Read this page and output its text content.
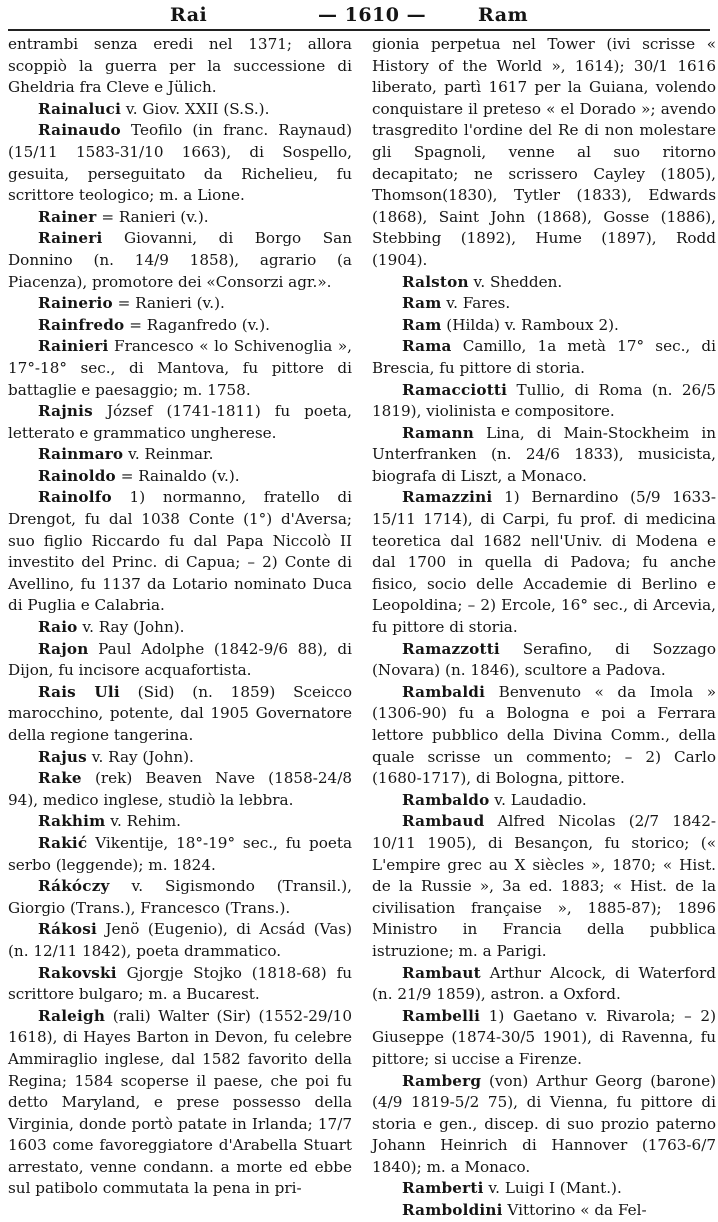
Rai	— 1610 —	Ram

entrambi senza eredi nel 1371; allora scoppiò la guerra per la successione di Gheldria fra Cleve e Jülich.

Rainaluci v. Giov. XXII (S.S.).

Rainaudo Teofilo (in franc. Raynaud) (15/11 1583-31/10 1663), di Sospello, gesuita, perseguitato da Richelieu, fu scrittore teologico; m. a Lione.

Rainer = Ranieri (v.).

Raineri Giovanni, di Borgo San Donnino (n. 14/9 1858), agrario (a Piacenza), promotore dei «Consorzi agr.».

Rainerio = Ranieri (v.).

Rainfredo = Raganfredo (v.).

Rainieri Francesco « lo Schivenoglia », 17°-18° sec., di Mantova, fu pittore di battaglie e paesaggio; m. 1758.

Rajnis József (1741-1811) fu poeta, letterato e grammatico ungherese.

Rainmaro v. Reinmar.

Rainoldo = Rainaldo (v.).

Rainolfo 1) normanno, fratello di Drengot, fu dal 1038 Conte (1°) d'Aversa; suo figlio Riccardo fu dal Papa Niccolò II investito del Princ. di Capua; – 2) Conte di Avellino, fu 1137 da Lotario nominato Duca di Puglia e Calabria.

Raio v. Ray (John).

Rajon Paul Adolphe (1842-9/6 88), di Dijon, fu incisore acquafortista.

Rais Uli (Sid) (n. 1859) Sceicco marocchino, potente, dal 1905 Governatore della regione tangerina.

Rajus v. Ray (John).

Rake (rek) Beaven Nave (1858-24/8 94), medico inglese, studiò la lebbra.

Rakhim v. Rehim.

Rakić Vikentije, 18°-19° sec., fu poeta serbo (leggende); m. 1824.

Rákóczy v. Sigismondo (Transil.), Giorgio (Trans.), Francesco (Trans.).

Rákosi Jenö (Eugenio), di Acsád (Vas) (n. 12/11 1842), poeta drammatico.

Rakovski Gjorgje Stojko (1818-68) fu scrittore bulgaro; m. a Bucarest.

Raleigh (rali) Walter (Sir) (1552-29/10 1618), di Hayes Barton in Devon, fu celebre Ammiraglio inglese, dal 1582 favorito della Regina; 1584 scoperse il paese, che poi fu detto Maryland, e prese possesso della Virginia, donde portò patate in Irlanda; 17/7 1603 come favoreggiatore d'Arabella Stuart arrestato, venne condann. a morte ed ebbe sul patibolo commutata la pena in pri-

gionia perpetua nel Tower (ivi scrisse « History of the World », 1614); 30/1 1616 liberato, partì 1617 per la Guiana, volendo conquistare il preteso « el Dorado »; avendo trasgredito l'ordine del Re di non molestare gli Spagnoli, venne al suo ritorno decapitato; ne scrissero Cayley (1805), Thomson(1830), Tytler (1833), Edwards (1868), Saint John (1868), Gosse (1886), Stebbing (1892), Hume (1897), Rodd (1904).

Ralston v. Shedden.

Ram v. Fares.

Ram (Hilda) v. Ramboux 2).

Rama Camillo, 1a metà 17° sec., di Brescia, fu pittore di storia.

Ramacciotti Tullio, di Roma (n. 26/5 1819), violinista e compositore.

Ramann Lina, di Main-Stockheim in Unterfranken (n. 24/6 1833), musicista, biografa di Liszt, a Monaco.

Ramazzini 1) Bernardino (5/9 1633-15/11 1714), di Carpi, fu prof. di medicina teoretica dal 1682 nell'Univ. di Modena e dal 1700 in quella di Padova; fu anche fisico, socio delle Accademie di Berlino e Leopoldina; – 2) Ercole, 16° sec., di Arcevia, fu pittore di storia.

Ramazzotti Serafino, di Sozzago (Novara) (n. 1846), scultore a Padova.

Rambaldi Benvenuto « da Imola » (1306-90) fu a Bologna e poi a Ferrara lettore pubblico della Divina Comm., della quale scrisse un commento; – 2) Carlo (1680-1717), di Bologna, pittore.

Rambaldo v. Laudadio.

Rambaud Alfred Nicolas (2/7 1842-10/11 1905), di Besançon, fu storico; (« L'empire grec au X siècles », 1870; « Hist. de la Russie », 3a ed. 1883; « Hist. de la civilisation française », 1885-87); 1896 Ministro in Francia della pubblica istruzione; m. a Parigi.

Rambaut Arthur Alcock, di Waterford (n. 21/9 1859), astron. a Oxford.

Rambelli 1) Gaetano v. Rivarola; – 2) Giuseppe (1874-30/5 1901), di Ravenna, fu pittore; si uccise a Firenze.

Ramberg (von) Arthur Georg (barone) (4/9 1819-5/2 75), di Vienna, fu pittore di storia e gen., discep. di suo prozio paterno Johann Heinrich di Hannover (1763-6/7 1840); m. a Monaco.

Ramberti v. Luigi I (Mant.).

Ramboldini Vittorino « da Fel-
